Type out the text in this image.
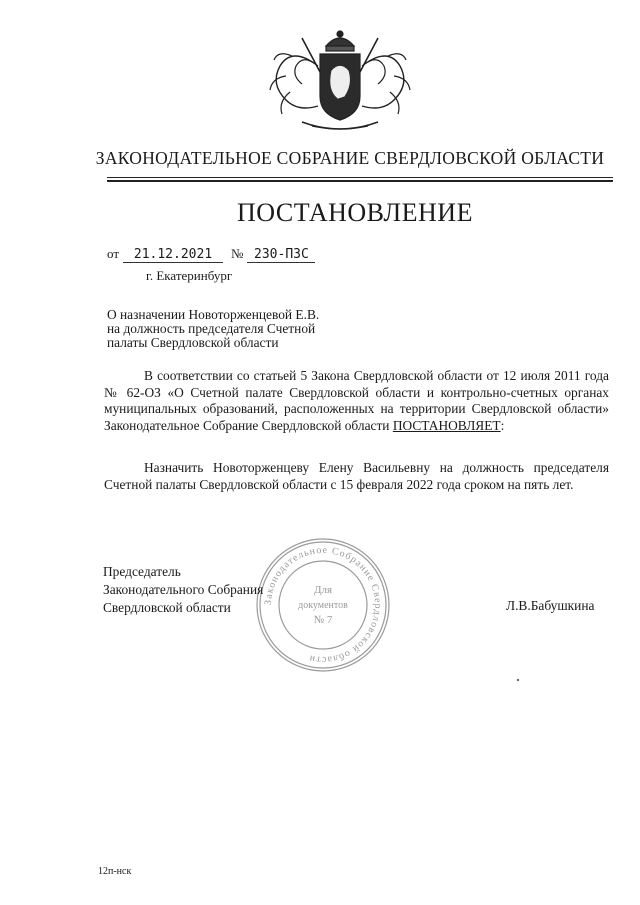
ЗАКОНОДАТЕЛЬНОЕ СОБРАНИЕ СВЕРДЛОВСКОЙ ОБЛАСТИ
ПОСТАНОВЛЕНИЕ
от 21.12.2021 № 230-ПЗС
г. Екатеринбург
О назначении Новоторженцевой Е.В.
на должность председателя Счетной
палаты Свердловской области
В соответствии со статьей 5 Закона Свердловской области от 12 июля 2011 года № 62-ОЗ «О Счетной палате Свердловской области и контрольно-счетных органах муниципальных образований, расположенных на территории Свердловской области» Законодательное Собрание Свердловской области ПОСТАНОВЛЯЕТ:
Назначить Новоторженцеву Елену Васильевну на должность председателя Счетной палаты Свердловской области с 15 февраля 2022 года сроком на пять лет.
Законодательное Собрание Свердловской области
Для
документов
№ 7
Председатель
Законодательного Собрания
Свердловской области	Л.В.Бабушкина
12п-нск
